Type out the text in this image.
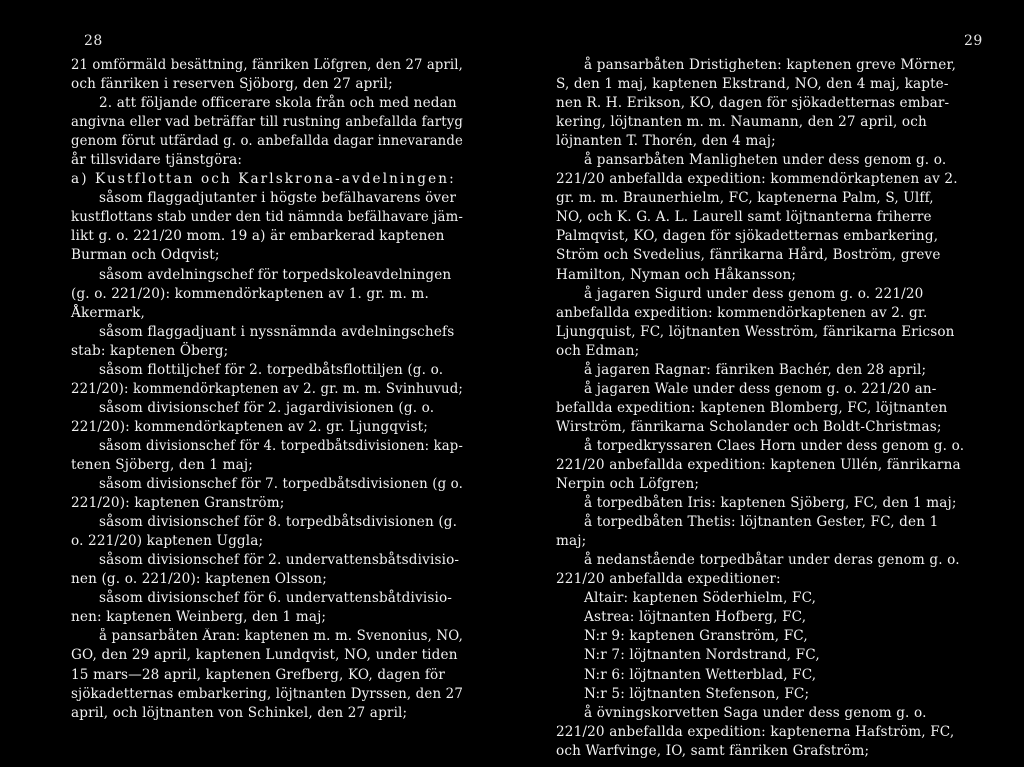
28
21 omförmäld besättning, fänriken Löfgren, den 27 april,
och fänriken i reserven Sjöborg, den 27 april;
2. att följande officerare skola från och med nedan
angivna eller vad beträffar till rustning anbefallda fartyg
genom förut utfärdad g. o. anbefallda dagar innevarande
år tillsvidare tjänstgöra:
a) Kustflottan och Karlskrona-avdelningen:
såsom flaggadjutanter i högste befälhavarens över
kustflottans stab under den tid nämnda befälhavare jäm-
likt g. o. 221/20 mom. 19 a) är embarkerad kaptenen
Burman och Odqvist;
såsom avdelningschef för torpedskoleavdelningen
(g. o. 221/20): kommendörkaptenen av 1. gr. m. m.
Åkermark,
såsom flaggadjuant i nyssnämnda avdelningschefs
stab: kaptenen Öberg;
såsom flottiljchef för 2. torpedbåtsflottiljen (g. o.
221/20): kommendörkaptenen av 2. gr. m. m. Svinhuvud;
såsom divisionschef för 2. jagardivisionen (g. o.
221/20): kommendörkaptenen av 2. gr. Ljungqvist;
såsom divisionschef för 4. torpedbåtsdivisionen: kap-
tenen Sjöberg, den 1 maj;
såsom divisionschef för 7. torpedbåtsdivisionen (g o.
221/20): kaptenen Granström;
såsom divisionschef för 8. torpedbåtsdivisionen (g.
o. 221/20) kaptenen Uggla;
såsom divisionschef för 2. undervattensbåtsdivisio-
nen (g. o. 221/20): kaptenen Olsson;
såsom divisionschef för 6. undervattensbåtdivisio-
nen: kaptenen Weinberg, den 1 maj;
å pansarbåten Äran: kaptenen m. m. Svenonius, NO,
GO, den 29 april, kaptenen Lundqvist, NO, under tiden
15 mars—28 april, kaptenen Grefberg, KO, dagen för
sjökadetternas embarkering, löjtnanten Dyrssen, den 27
april, och löjtnanten von Schinkel, den 27 april;
29
å pansarbåten Dristigheten: kaptenen greve Mörner,
S, den 1 maj, kaptenen Ekstrand, NO, den 4 maj, kapte-
nen R. H. Erikson, KO, dagen för sjökadetternas embar-
kering, löjtnanten m. m. Naumann, den 27 april, och
löjnanten T. Thorén, den 4 maj;
å pansarbåten Manligheten under dess genom g. o.
221/20 anbefallda expedition: kommendörkaptenen av 2.
gr. m. m. Braunerhielm, FC, kaptenerna Palm, S, Ulff,
NO, och K. G. A. L. Laurell samt löjtnanterna friherre
Palmqvist, KO, dagen för sjökadetternas embarkering,
Ström och Svedelius, fänrikarna Hård, Boström, greve
Hamilton, Nyman och Håkansson;
å jagaren Sigurd under dess genom g. o. 221/20
anbefallda expedition: kommendörkaptenen av 2. gr.
Ljungquist, FC, löjtnanten Wesström, fänrikarna Ericson
och Edman;
å jagaren Ragnar: fänriken Bachér, den 28 april;
å jagaren Wale under dess genom g. o. 221/20 an-
befallda expedition: kaptenen Blomberg, FC, löjtnanten
Wirström, fänrikarna Scholander och Boldt-Christmas;
å torpedkryssaren Claes Horn under dess genom g. o.
221/20 anbefallda expedition: kaptenen Ullén, fänrikarna
Nerpin och Löfgren;
å torpedbåten Iris: kaptenen Sjöberg, FC, den 1 maj;
å torpedbåten Thetis: löjtnanten Gester, FC, den 1
maj;
å nedanstående torpedbåtar under deras genom g. o.
221/20 anbefallda expeditioner:
Altair: kaptenen Söderhielm, FC,
Astrea: löjtnanten Hofberg, FC,
N:r 9: kaptenen Granström, FC,
N:r 7: löjtnanten Nordstrand, FC,
N:r 6: löjtnanten Wetterblad, FC,
N:r 5: löjtnanten Stefenson, FC;
å övningskorvetten Saga under dess genom g. o.
221/20 anbefallda expedition: kaptenerna Hafström, FC,
och Warfvinge, IO, samt fänriken Grafström;
